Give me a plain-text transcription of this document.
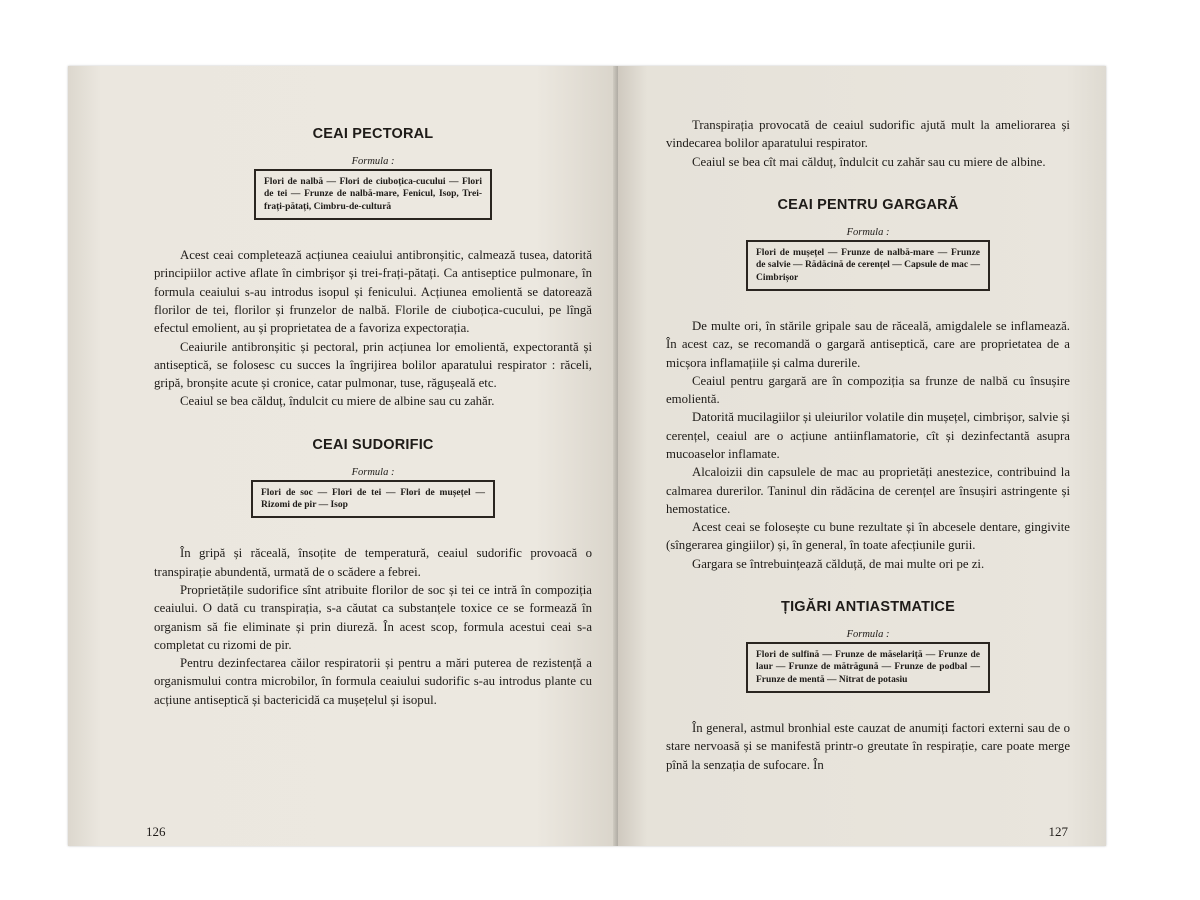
CEAI PECTORAL
Formula :
Flori de nalbă — Flori de ciuboțica-cucului — Flori de tei — Frunze de nalbă-mare, Fenicul, Isop, Trei-frați-pătați, Cimbru-de-cultură

Acest ceai completează acțiunea ceaiului antibronșitic, calmează tusea, datorită principiilor active aflate în cimbrișor și trei-frați-pătați. Ca antiseptice pulmonare, în formula ceaiului s-au introdus isopul și fenicului. Acțiunea emolientă se datorează florilor de tei, florilor și frunzelor de nalbă. Florile de ciuboțica-cucului, pe lîngă efectul emolient, au și proprietatea de a favoriza expectorația.

Ceaiurile antibronșitic și pectoral, prin acțiunea lor emolientă, expectorantă și antiseptică, se folosesc cu succes la îngrijirea bolilor aparatului respirator : răceli, gripă, bronșite acute și cronice, catar pulmonar, tuse, răgușeală etc.

Ceaiul se bea călduț, îndulcit cu miere de albine sau cu zahăr.

CEAI SUDORIFIC
Formula :
Flori de soc — Flori de tei — Flori de mușețel — Rizomi de pir — Isop

În gripă și răceală, însoțite de temperatură, ceaiul sudorific provoacă o transpirație abundentă, urmată de o scădere a febrei.

Proprietățile sudorifice sînt atribuite florilor de soc și tei ce intră în compoziția ceaiului. O dată cu transpirația, s-a căutat ca substanțele toxice ce se formează în organism să fie eliminate și prin diureză. În acest scop, formula acestui ceai s-a completat cu rizomi de pir.

Pentru dezinfectarea căilor respiratorii și pentru a mări puterea de rezistență a organismului contra microbilor, în formula ceaiului sudorific s-au introdus plante cu acțiune antiseptică și bactericidă ca mușețelul și isopul.

126

Transpirația provocată de ceaiul sudorific ajută mult la ameliorarea și vindecarea bolilor aparatului respirator.

Ceaiul se bea cît mai călduț, îndulcit cu zahăr sau cu miere de albine.

CEAI PENTRU GARGARĂ
Formula :
Flori de mușețel — Frunze de nalbă-mare — Frunze de salvie — Rădăcină de cerențel — Capsule de mac — Cimbrișor

De multe ori, în stările gripale sau de răceală, amigdalele se inflamează. În acest caz, se recomandă o gargară antiseptică, care are proprietatea de a micșora inflamațiile și calma durerile.

Ceaiul pentru gargară are în compoziția sa frunze de nalbă cu însușire emolientă.

Datorită mucilagiilor și uleiurilor volatile din mușețel, cimbrișor, salvie și cerențel, ceaiul are o acțiune antiinflamatorie, cît și dezinfectantă asupra mucoaselor inflamate.

Alcaloizii din capsulele de mac au proprietăți anestezice, contribuind la calmarea durerilor. Taninul din rădăcina de cerențel are însușiri astringente și hemostatice.

Acest ceai se folosește cu bune rezultate și în abcesele dentare, gingivite (sîngerarea gingiilor) și, în general, în toate afecțiunile gurii.

Gargara se întrebuințează călduță, de mai multe ori pe zi.

ȚIGĂRI ANTIASTMATICE
Formula :
Flori de sulfină — Frunze de măselariță — Frunze de laur — Frunze de mătrăgună — Frunze de podbal — Frunze de mentă — Nitrat de potasiu

În general, astmul bronhial este cauzat de anumiți factori externi sau de o stare nervoasă și se manifestă printr-o greutate în respirație, care poate merge pînă la senzația de sufocare. În

127
